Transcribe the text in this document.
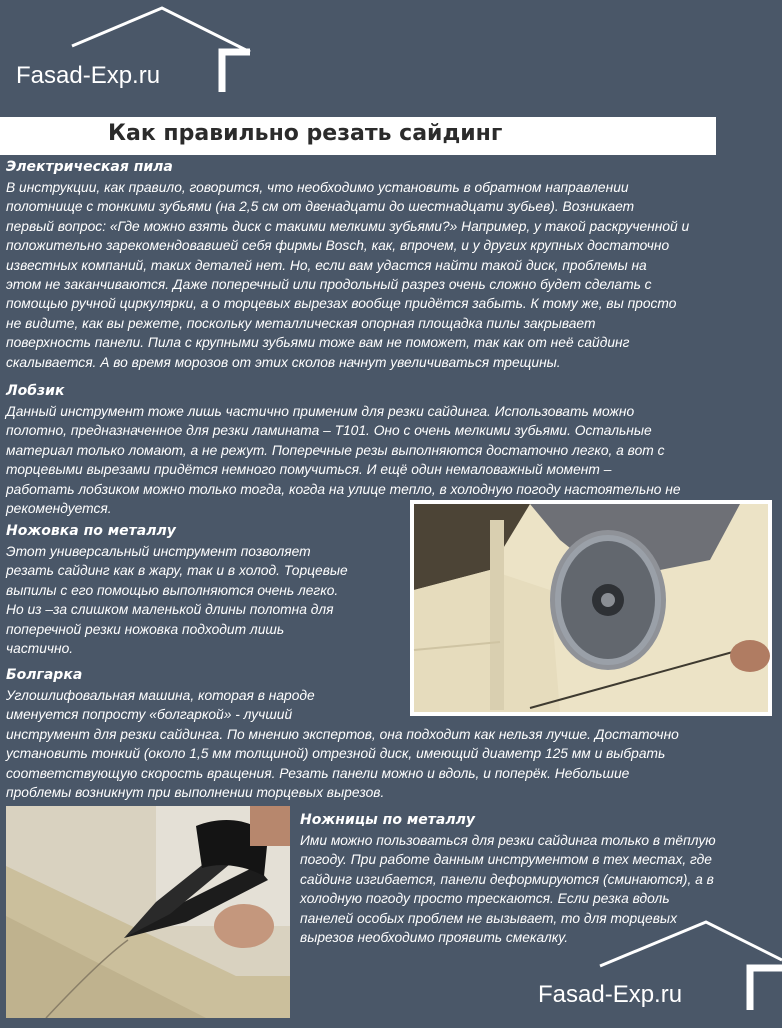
Fasad-Exp.ru
Как правильно резать сайдинг
Электрическая пила
В инструкции, как правило, говорится, что необходимо установить в обратном направлении
полотнище с тонкими зубьями (на 2,5 см от двенадцати до шестнадцати зубьев). Возникает
первый вопрос: «Где можно взять диск с такими мелкими зубьями?» Например, у такой раскрученной и
положительно зарекомендовавшей себя фирмы Bosch, как, впрочем, и у других крупных достаточно
известных компаний, таких деталей нет. Но, если вам удастся найти такой диск, проблемы на
этом не заканчиваются. Даже поперечный или продольный разрез очень сложно будет сделать с
помощью ручной циркулярки, а о торцевых вырезах вообще придётся забыть. К тому же, вы просто
не видите, как вы режете, поскольку металлическая опорная площадка пилы закрывает
поверхность панели. Пила с крупными зубьями тоже вам не поможет, так как от неё сайдинг
скалывается. А во время морозов от этих сколов начнут увеличиваться трещины.
Лобзик
Данный инструмент тоже лишь частично применим для резки сайдинга. Использовать можно
полотно, предназначенное для резки ламината – Т101. Оно с очень мелкими зубьями. Остальные
материал только ломают, а не режут. Поперечные резы выполняются достаточно легко, а вот с
торцевыми вырезами придётся немного помучиться. И ещё один немаловажный момент –
работать лобзиком можно только тогда, когда на улице тепло, в холодную погоду настоятельно не
рекомендуется.
Ножовка по металлу
Этот универсальный инструмент позволяет
резать сайдинг как в жару, так и в холод. Торцевые
выпилы с его помощью выполняются очень легко.
Но из –за слишком маленькой длины полотна для
поперечной резки ножовка подходит лишь
частично.
Болгарка
Углошлифовальная машина, которая в народе
именуется попросту «болгаркой» - лучший
инструмент для резки сайдинга. По мнению экспертов, она подходит как нельзя лучше. Достаточно
установить тонкий (около 1,5 мм толщиной) отрезной диск, имеющий диаметр 125 мм и выбрать
соответствующую скорость вращения. Резать панели можно и вдоль, и поперёк. Небольшие
проблемы возникнут при выполнении торцевых вырезов.
Ножницы по металлу
Ими можно пользоваться для резки сайдинга только в тёплую
погоду. При работе данным инструментом в тех местах, где
сайдинг изгибается, панели деформируются (сминаются), а в
холодную погоду просто трескаются. Если резка вдоль
панелей особых проблем не вызывает, то для торцевых
вырезов необходимо проявить смекалку.
Fasad-Exp.ru
